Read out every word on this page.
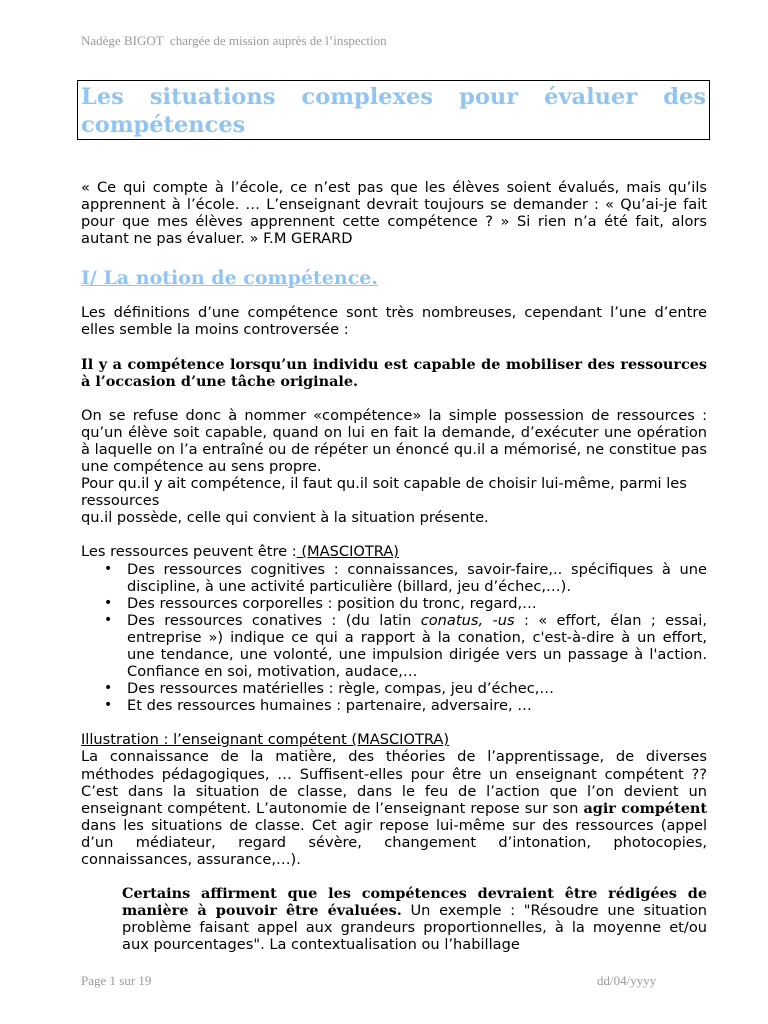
Nadège BIGOT  chargée de mission auprès de l’inspection
Les situations complexes pour évaluer des compétences

« Ce qui compte à l’école, ce n’est pas que les élèves soient évalués, mais qu’ils apprennent à l’école. … L’enseignant devrait toujours se demander : « Qu’ai-je fait pour que mes élèves apprennent cette compétence ? » Si rien n’a été fait, alors autant ne pas évaluer. » F.M GERARD

I/ La notion de compétence.

Les définitions d’une compétence sont très nombreuses, cependant l’une d’entre elles semble la moins controversée :

Il y a compétence lorsqu’un individu est capable de mobiliser des ressources à l’occasion d’une tâche originale.

On se refuse donc à nommer «compétence» la simple possession de ressources : qu’un élève soit capable, quand on lui en fait la demande, d’exécuter une opération à laquelle on l’a entraîné ou de répéter un énoncé qu.il a mémorisé, ne constitue pas une compétence au sens propre.

Pour qu.il y ait compétence, il faut qu.il soit capable de choisir lui-même, parmi les ressources

qu.il possède, celle qui convient à la situation présente.

Les ressources peuvent être : (MASCIOTRA)

• Des ressources cognitives : connaissances, savoir-faire,.. spécifiques à une discipline, à une activité particulière (billard, jeu d’échec,…).
• Des ressources corporelles : position du tronc, regard,…
• Des ressources conatives : (du latin conatus, -us : « effort, élan ; essai, entreprise ») indique ce qui a rapport à la conation, c'est-à-dire à un effort, une tendance, une volonté, une impulsion dirigée vers un passage à l'action. Confiance en soi, motivation, audace,…
• Des ressources matérielles : règle, compas, jeu d’échec,…
• Et des ressources humaines : partenaire, adversaire, …

Illustration : l’enseignant compétent (MASCIOTRA)

La connaissance de la matière, des théories de l’apprentissage, de diverses méthodes pédagogiques, … Suffisent-elles pour être un enseignant compétent ?? C’est dans la situation de classe, dans le feu de l’action que l’on devient un enseignant compétent. L’autonomie de l’enseignant repose sur son agir compétent dans les situations de classe. Cet agir repose lui-même sur des ressources (appel d’un médiateur, regard sévère, changement d’intonation, photocopies, connaissances, assurance,…).

Certains affirment que les compétences devraient être rédigées de manière à pouvoir être évaluées. Un exemple : "Résoudre une situation problème faisant appel aux grandeurs proportionnelles, à la moyenne et/ou aux pourcentages". La contextualisation ou l’habillage

Page 1 sur 19	dd/04/yyyy
